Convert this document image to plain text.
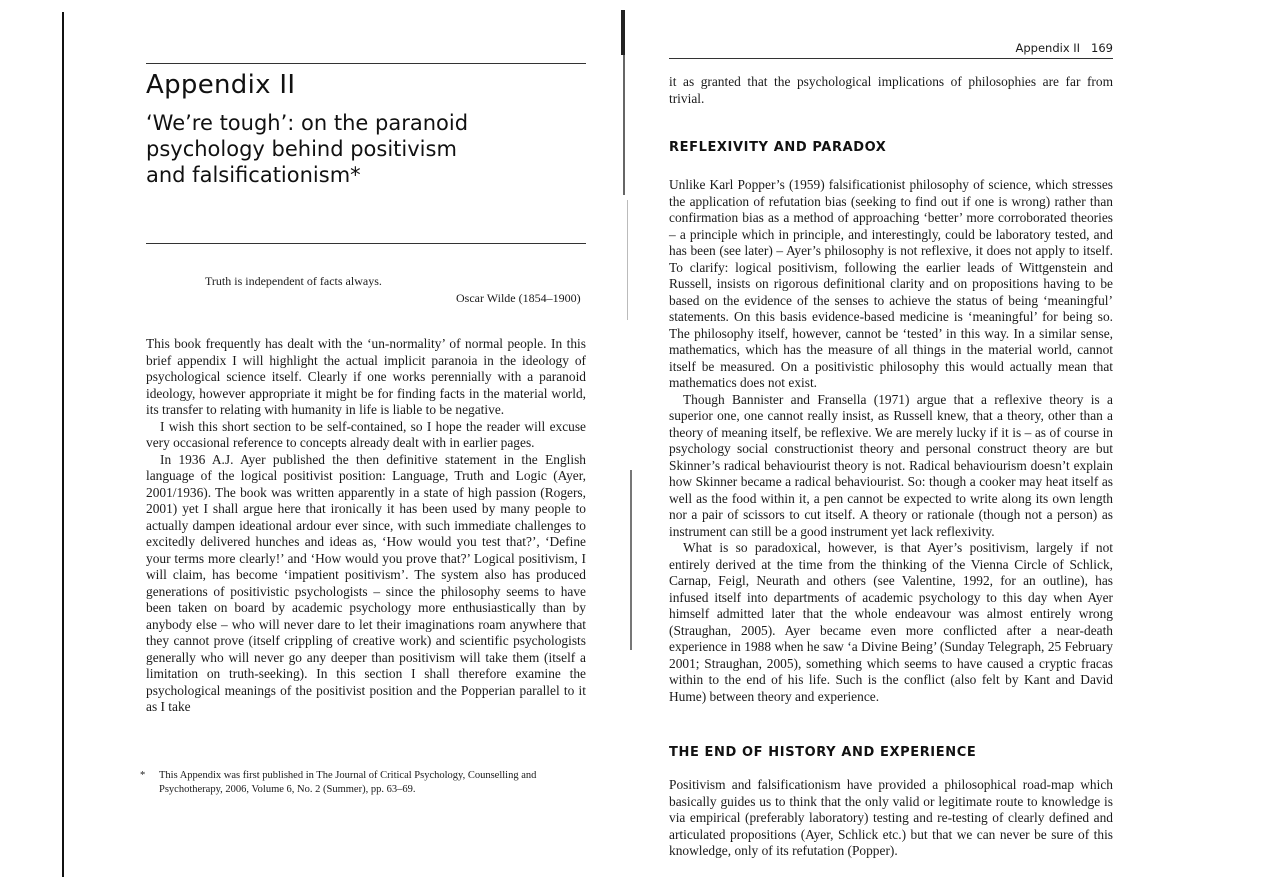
Appendix II
‘We’re tough’: on the paranoid
psychology behind positivism
and falsificationism*
Truth is independent of facts always.
Oscar Wilde (1854–1900)

This book frequently has dealt with the ‘un-normality’ of normal people. In this brief appendix I will highlight the actual implicit paranoia in the ideology of psychological science itself. Clearly if one works perennially with a paranoid ideology, however appropriate it might be for finding facts in the material world, its transfer to relating with humanity in life is liable to be negative.

I wish this short section to be self-contained, so I hope the reader will excuse very occasional reference to concepts already dealt with in earlier pages.

In 1936 A.J. Ayer published the then definitive statement in the English language of the logical positivist position: Language, Truth and Logic (Ayer, 2001/1936). The book was written apparently in a state of high passion (Rogers, 2001) yet I shall argue here that ironically it has been used by many people to actually dampen ideational ardour ever since, with such immediate challenges to excitedly delivered hunches and ideas as, ‘How would you test that?’, ‘Define your terms more clearly!’ and ‘How would you prove that?’ Logical positivism, I will claim, has become ‘impatient positivism’. The system also has produced generations of positivistic psychologists – since the philosophy seems to have been taken on board by academic psychology more enthusiastically than by anybody else – who will never dare to let their imaginations roam anywhere that they cannot prove (itself crippling of creative work) and scientific psychologists generally who will never go any deeper than positivism will take them (itself a limitation on truth-seeking). In this section I shall therefore examine the psychological meanings of the positivist position and the Popperian parallel to it as I take

* This Appendix was first published in The Journal of Critical Psychology, Counselling and Psychotherapy, 2006, Volume 6, No. 2 (Summer), pp. 63–69.
Appendix II   169

it as granted that the psychological implications of philosophies are far from trivial.

REFLEXIVITY AND PARADOX

Unlike Karl Popper’s (1959) falsificationist philosophy of science, which stresses the application of refutation bias (seeking to find out if one is wrong) rather than confirmation bias as a method of approaching ‘better’ more corroborated theories – a principle which in principle, and interestingly, could be laboratory tested, and has been (see later) – Ayer’s philosophy is not reflexive, it does not apply to itself. To clarify: logical positivism, following the earlier leads of Wittgenstein and Russell, insists on rigorous definitional clarity and on propositions having to be based on the evidence of the senses to achieve the status of being ‘meaningful’ statements. On this basis evidence-based medicine is ‘meaningful’ for being so. The philosophy itself, however, cannot be ‘tested’ in this way. In a similar sense, mathematics, which has the measure of all things in the material world, cannot itself be measured. On a positivistic philosophy this would actually mean that mathematics does not exist.

Though Bannister and Fransella (1971) argue that a reflexive theory is a superior one, one cannot really insist, as Russell knew, that a theory, other than a theory of meaning itself, be reflexive. We are merely lucky if it is – as of course in psychology social constructionist theory and personal construct theory are but Skinner’s radical behaviourist theory is not. Radical behaviourism doesn’t explain how Skinner became a radical behaviourist. So: though a cooker may heat itself as well as the food within it, a pen cannot be expected to write along its own length nor a pair of scissors to cut itself. A theory or rationale (though not a person) as instrument can still be a good instrument yet lack reflexivity.

What is so paradoxical, however, is that Ayer’s positivism, largely if not entirely derived at the time from the thinking of the Vienna Circle of Schlick, Carnap, Feigl, Neurath and others (see Valentine, 1992, for an outline), has infused itself into departments of academic psychology to this day when Ayer himself admitted later that the whole endeavour was almost entirely wrong (Straughan, 2005). Ayer became even more conflicted after a near-death experience in 1988 when he saw ‘a Divine Being’ (Sunday Telegraph, 25 February 2001; Straughan, 2005), something which seems to have caused a cryptic fracas within to the end of his life. Such is the conflict (also felt by Kant and David Hume) between theory and experience.

THE END OF HISTORY AND EXPERIENCE

Positivism and falsificationism have provided a philosophical road-map which basically guides us to think that the only valid or legitimate route to knowledge is via empirical (preferably laboratory) testing and re-testing of clearly defined and articulated propositions (Ayer, Schlick etc.) but that we can never be sure of this knowledge, only of its refutation (Popper).
